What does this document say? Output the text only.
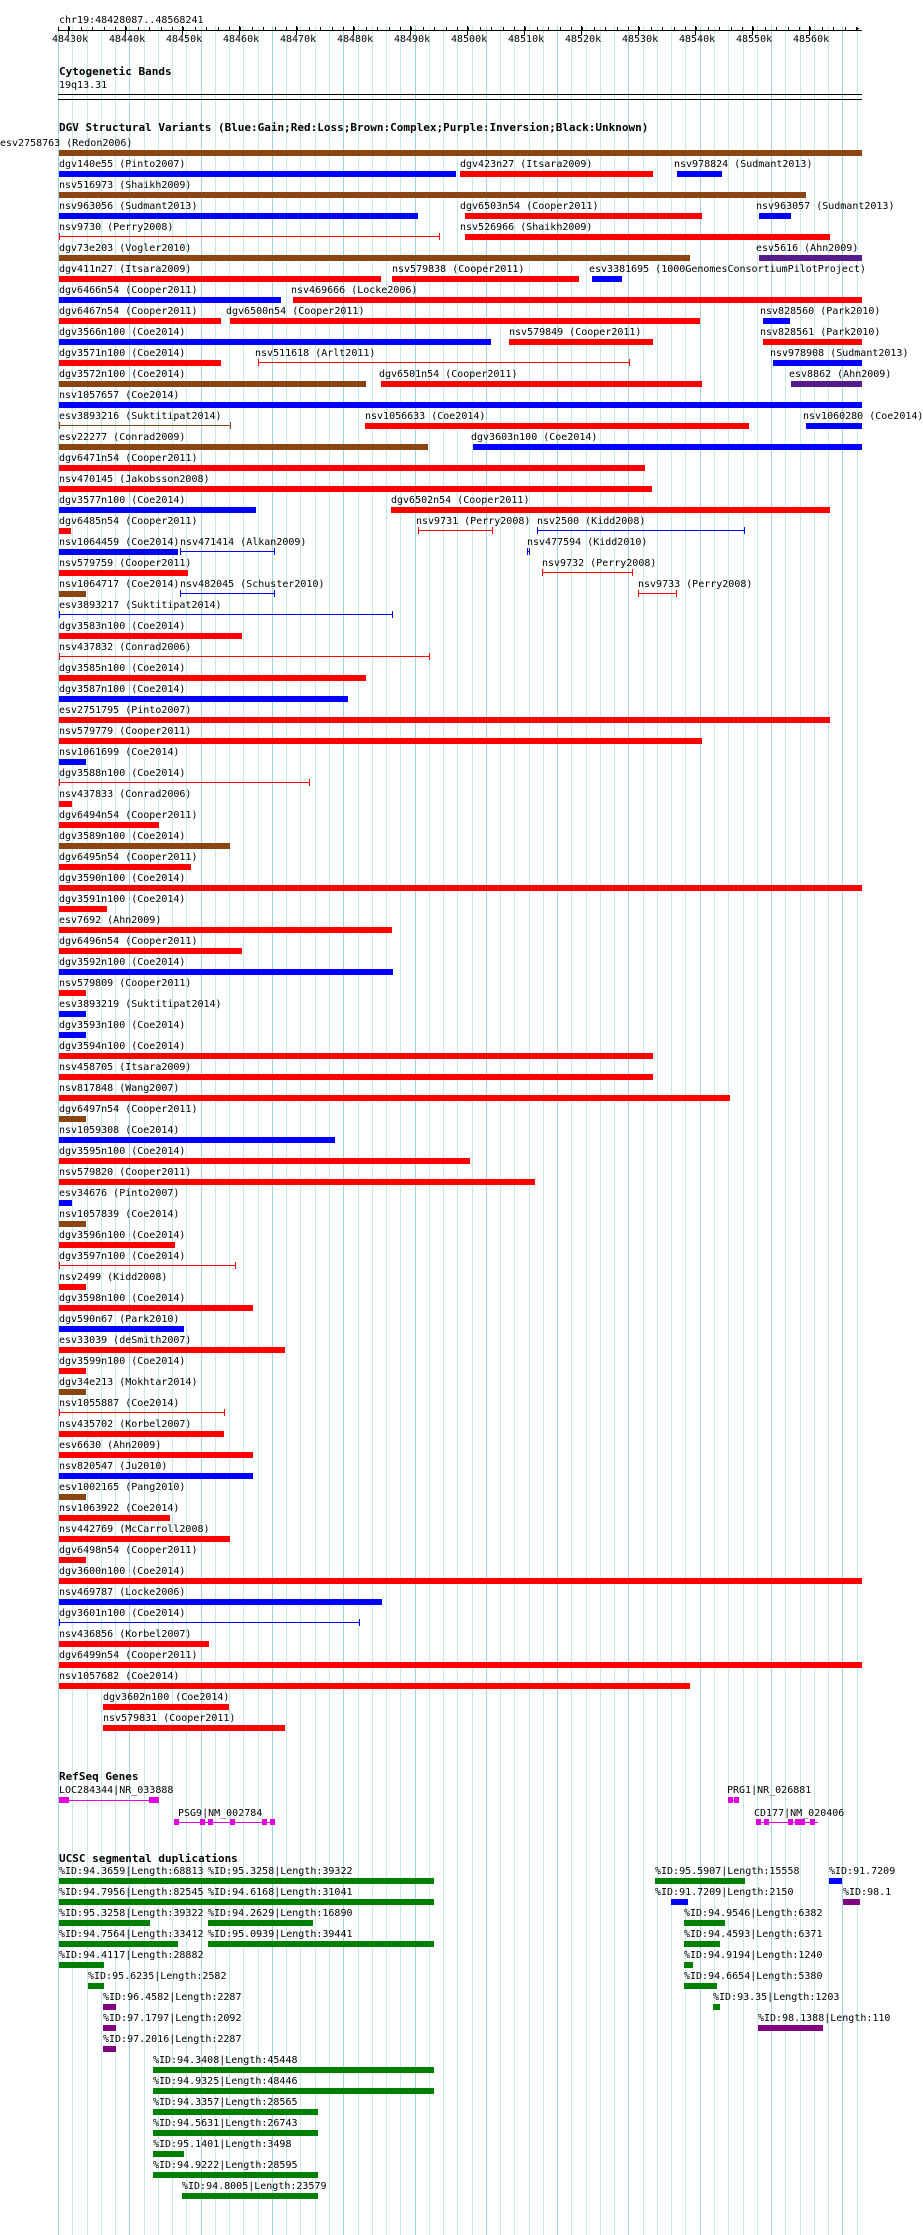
chr19:48428087..48568241
48430k 48440k 48450k 48460k 48470k 48480k 48490k 48500k 48510k 48520k 48530k 48540k 48550k 48560k
▸
Cytogenetic Bands
19q13.31
DGV Structural Variants (Blue:Gain;Red:Loss;Brown:Complex;Purple:Inversion;Black:Unknown)
esv2758763 (Redon2006)
dgv140e55 (Pinto2007)	dgv423n27 (Itsara2009)	nsv978824 (Sudmant2013)
nsv516973 (Shaikh2009)
nsv963056 (Sudmant2013)	dgv6503n54 (Cooper2011)	nsv963057 (Sudmant2013)
nsv9730 (Perry2008)	nsv526966 (Shaikh2009)
dgv73e203 (Vogler2010)	esv5616 (Ahn2009)
dgv411n27 (Itsara2009)	nsv579838 (Cooper2011)	esv3381695 (1000GenomesConsortiumPilotProject)
dgv6466n54 (Cooper2011)	nsv469666 (Locke2006)
dgv6467n54 (Cooper2011)	dgv6500n54 (Cooper2011)	nsv828560 (Park2010)
dgv3566n100 (Coe2014)	nsv579849 (Cooper2011)	nsv828561 (Park2010)
dgv3571n100 (Coe2014)	nsv511618 (Arlt2011)	nsv978908 (Sudmant2013)
dgv3572n100 (Coe2014)	dgv6501n54 (Cooper2011)	esv8862 (Ahn2009)
nsv1057657 (Coe2014)
esv3893216 (Suktitipat2014)	nsv1056633 (Coe2014)	nsv1060280 (Coe2014)
esv22277 (Conrad2009)	dgv3603n100 (Coe2014)
dgv6471n54 (Cooper2011)
nsv470145 (Jakobsson2008)
dgv3577n100 (Coe2014)	dgv6502n54 (Cooper2011)
dgv6485n54 (Cooper2011)	nsv9731 (Perry2008) nsv2500 (Kidd2008)
nsv1064459 (Coe2014) nsv471414 (Alkan2009)	nsv477594 (Kidd2010)
nsv579759 (Cooper2011)	nsv9732 (Perry2008)
nsv1064717 (Coe2014) nsv482045 (Schuster2010)	nsv9733 (Perry2008)
esv3893217 (Suktitipat2014)
dgv3583n100 (Coe2014)
nsv437832 (Conrad2006)
dgv3585n100 (Coe2014)
dgv3587n100 (Coe2014)
esv2751795 (Pinto2007)
nsv579779 (Cooper2011)
nsv1061699 (Coe2014)
dgv3588n100 (Coe2014)
nsv437833 (Conrad2006)
dgv6494n54 (Cooper2011)
dgv3589n100 (Coe2014)
dgv6495n54 (Cooper2011)
dgv3590n100 (Coe2014)
dgv3591n100 (Coe2014)
esv7692 (Ahn2009)
dgv6496n54 (Cooper2011)
dgv3592n100 (Coe2014)
nsv579809 (Cooper2011)
esv3893219 (Suktitipat2014)
dgv3593n100 (Coe2014)
dgv3594n100 (Coe2014)
nsv458705 (Itsara2009)
nsv817848 (Wang2007)
dgv6497n54 (Cooper2011)
nsv1059308 (Coe2014)
dgv3595n100 (Coe2014)
nsv579820 (Cooper2011)
esv34676 (Pinto2007)
nsv1057839 (Coe2014)
dgv3596n100 (Coe2014)
dgv3597n100 (Coe2014)
nsv2499 (Kidd2008)
dgv3598n100 (Coe2014)
dgv590n67 (Park2010)
esv33039 (deSmith2007)
dgv3599n100 (Coe2014)
dgv34e213 (Mokhtar2014)
nsv1055887 (Coe2014)
nsv435702 (Korbel2007)
esv6630 (Ahn2009)
nsv820547 (Ju2010)
esv1002165 (Pang2010)
nsv1063922 (Coe2014)
nsv442769 (McCarroll2008)
dgv6498n54 (Cooper2011)
dgv3600n100 (Coe2014)
nsv469787 (Locke2006)
dgv3601n100 (Coe2014)
nsv436856 (Korbel2007)
dgv6499n54 (Cooper2011)
nsv1057682 (Coe2014)
dgv3602n100 (Coe2014)
nsv579831 (Cooper2011)
RefSeq Genes
LOC284344|NR_033888
PSG9|NM_002784
PRG1|NR_026881
CD177|NM_020406
UCSC segmental duplications
%ID:94.3659|Length:68813 %ID:95.3258|Length:39322	%ID:95.5907|Length:15558	%ID:91.7209
%ID:94.7956|Length:82545 %ID:94.6168|Length:31041	%ID:91.7209|Length:2150	%ID:98.1
%ID:95.3258|Length:39322 %ID:94.2629|Length:16890	%ID:94.9546|Length:6382
%ID:94.7564|Length:33412 %ID:95.0939|Length:39441	%ID:94.4593|Length:6371
%ID:94.4117|Length:28882	%ID:94.9194|Length:1240
%ID:95.6235|Length:2582	%ID:94.6654|Length:5380
%ID:96.4582|Length:2287	%ID:93.35|Length:1203
%ID:97.1797|Length:2092	%ID:98.1388|Length:110
%ID:97.2016|Length:2287
%ID:94.3408|Length:45448
%ID:94.9325|Length:48446
%ID:94.3357|Length:28565
%ID:94.5631|Length:26743
%ID:95.1401|Length:3498
%ID:94.9222|Length:28595
%ID:94.8005|Length:23579
